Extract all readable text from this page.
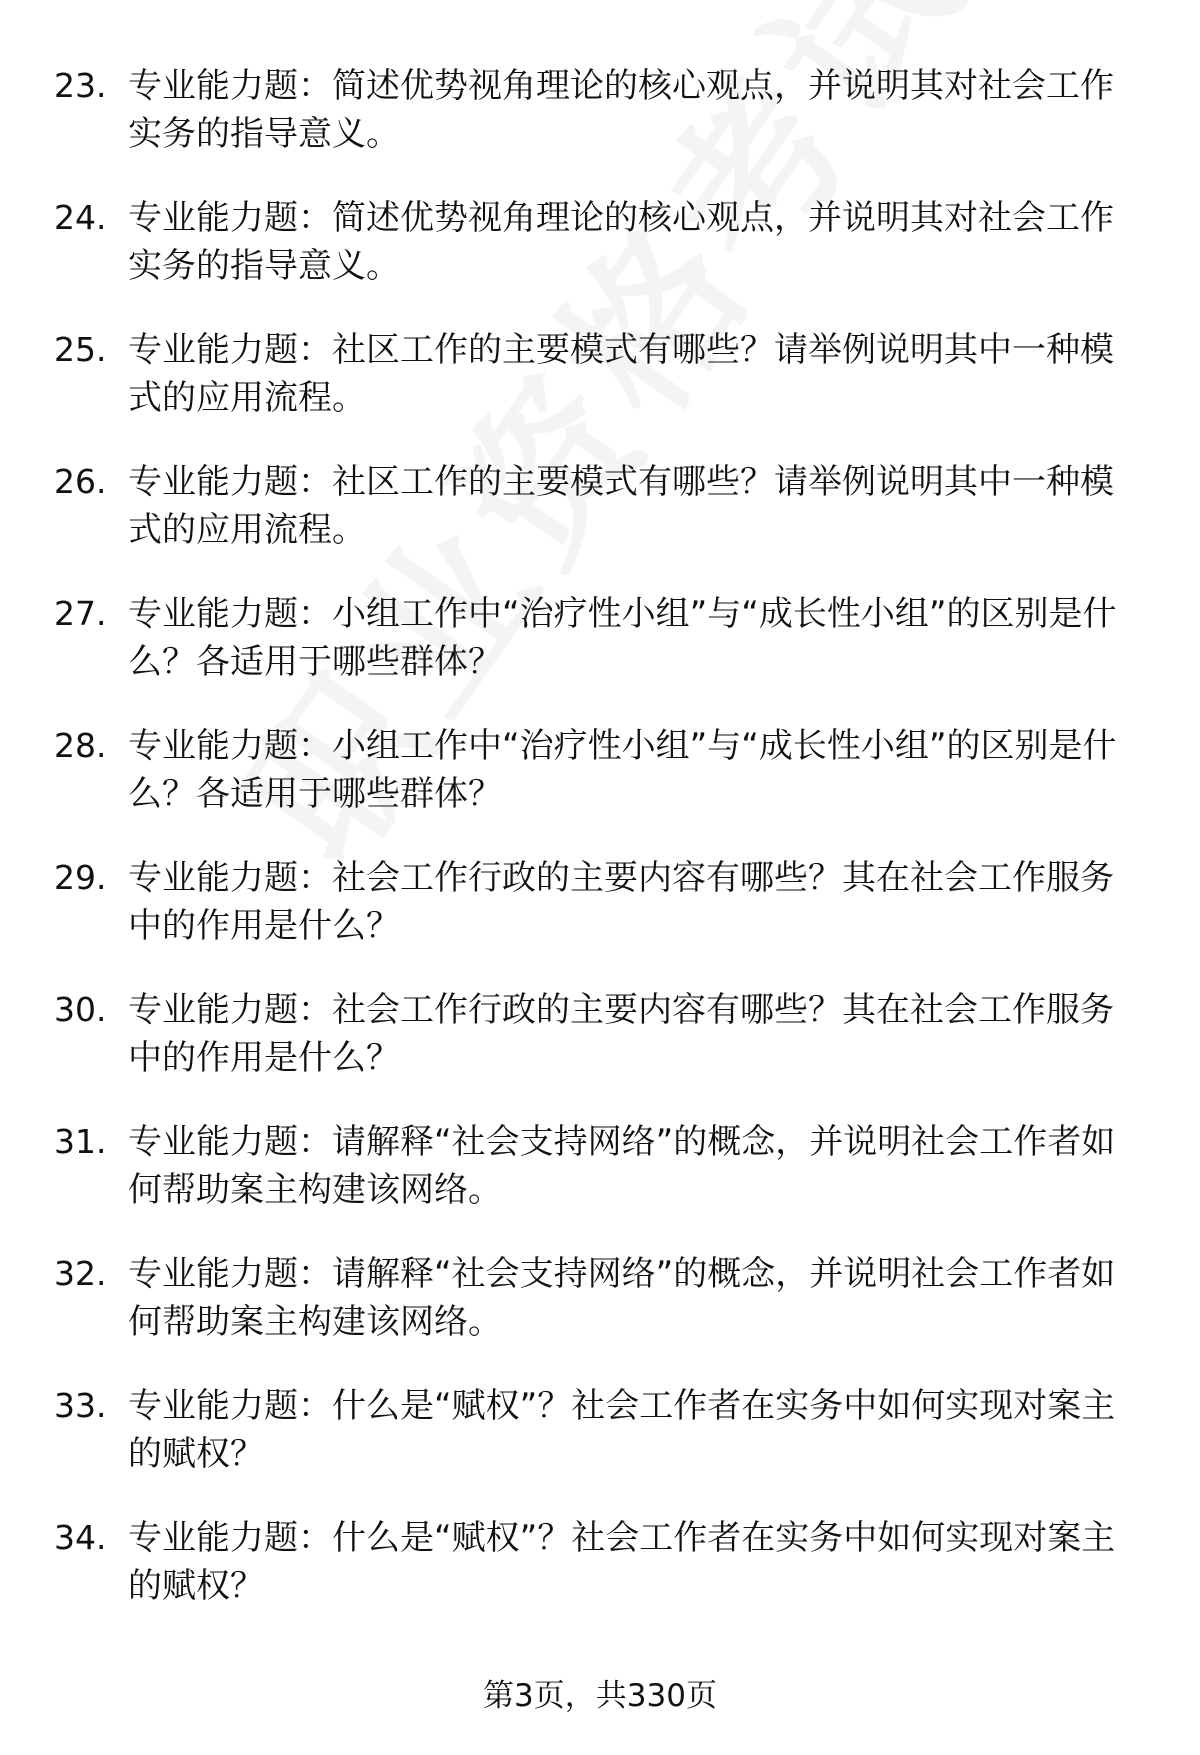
23. 专业能力题：简述优势视角理论的核心观点，并说明其对社会工作实务的指导意义。

24. 专业能力题：简述优势视角理论的核心观点，并说明其对社会工作实务的指导意义。

25. 专业能力题：社区工作的主要模式有哪些？请举例说明其中一种模式的应用流程。

26. 专业能力题：社区工作的主要模式有哪些？请举例说明其中一种模式的应用流程。

27. 专业能力题：小组工作中“治疗性小组”与“成长性小组”的区别是什么？各适用于哪些群体？

28. 专业能力题：小组工作中“治疗性小组”与“成长性小组”的区别是什么？各适用于哪些群体？

29. 专业能力题：社会工作行政的主要内容有哪些？其在社会工作服务中的作用是什么？

30. 专业能力题：社会工作行政的主要内容有哪些？其在社会工作服务中的作用是什么？

31. 专业能力题：请解释“社会支持网络”的概念，并说明社会工作者如何帮助案主构建该网络。

32. 专业能力题：请解释“社会支持网络”的概念，并说明社会工作者如何帮助案主构建该网络。

33. 专业能力题：什么是“赋权”？社会工作者在实务中如何实现对案主的赋权？

34. 专业能力题：什么是“赋权”？社会工作者在实务中如何实现对案主的赋权？

第3页，共330页
